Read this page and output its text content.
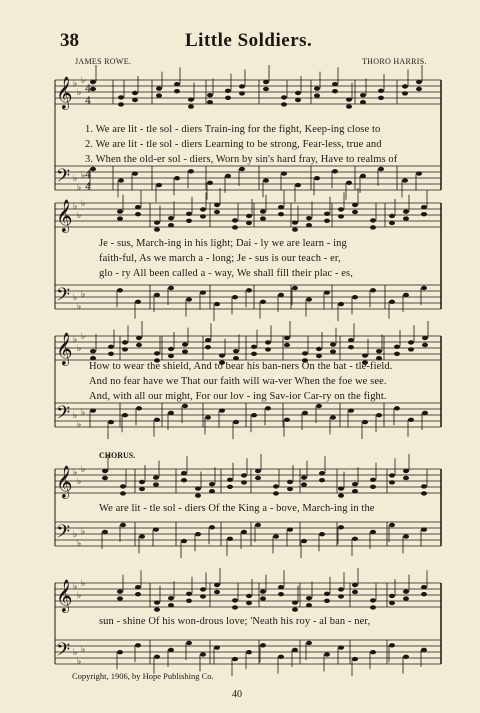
38	Little Soldiers.
JAMES ROWE.	THORO HARRIS.
𝄞 ♭
♭
♭
𝄢 ♭
♭
♭
𝄞 ♭
♭
♭
𝄢 ♭
♭
♭
𝄞 ♭
♭
♭
𝄢 ♭
♭
♭
𝄞 ♭
♭
♭
𝄢 ♭
♭
♭
𝄞 ♭
♭
♭
𝄢 ♭
♭
♭
4
4
4
4
1. We are lit - tle sol - diers Train-ing for the fight, Keep-ing close to
2. We are lit - tle sol - diers Learning to be strong, Fear-less, true and
3. When the old-er sol - diers, Worn by sin's hard fray, Have to realms of
Je - sus, March-ing in his light; Dai - ly we are learn - ing
faith-ful, As we march a - long; Je - sus is our teach - er,
glo - ry All been called a - way, We shall fill their plac - es,
How to wear the shield, And to bear his ban-ners On the bat - tle-field.
And no fear have we That our faith will wa-ver When the foe we see.
And, with all our might, For our lov - ing Sav-ior Car-ry on the fight.
CHORUS.
We are lit - tle sol - diers Of the King a - bove, March-ing in the
sun - shine Of his won-drous love; 'Neath his roy - al ban - ner,
Copyright, 1906, by Hope Publishing Co.
40
